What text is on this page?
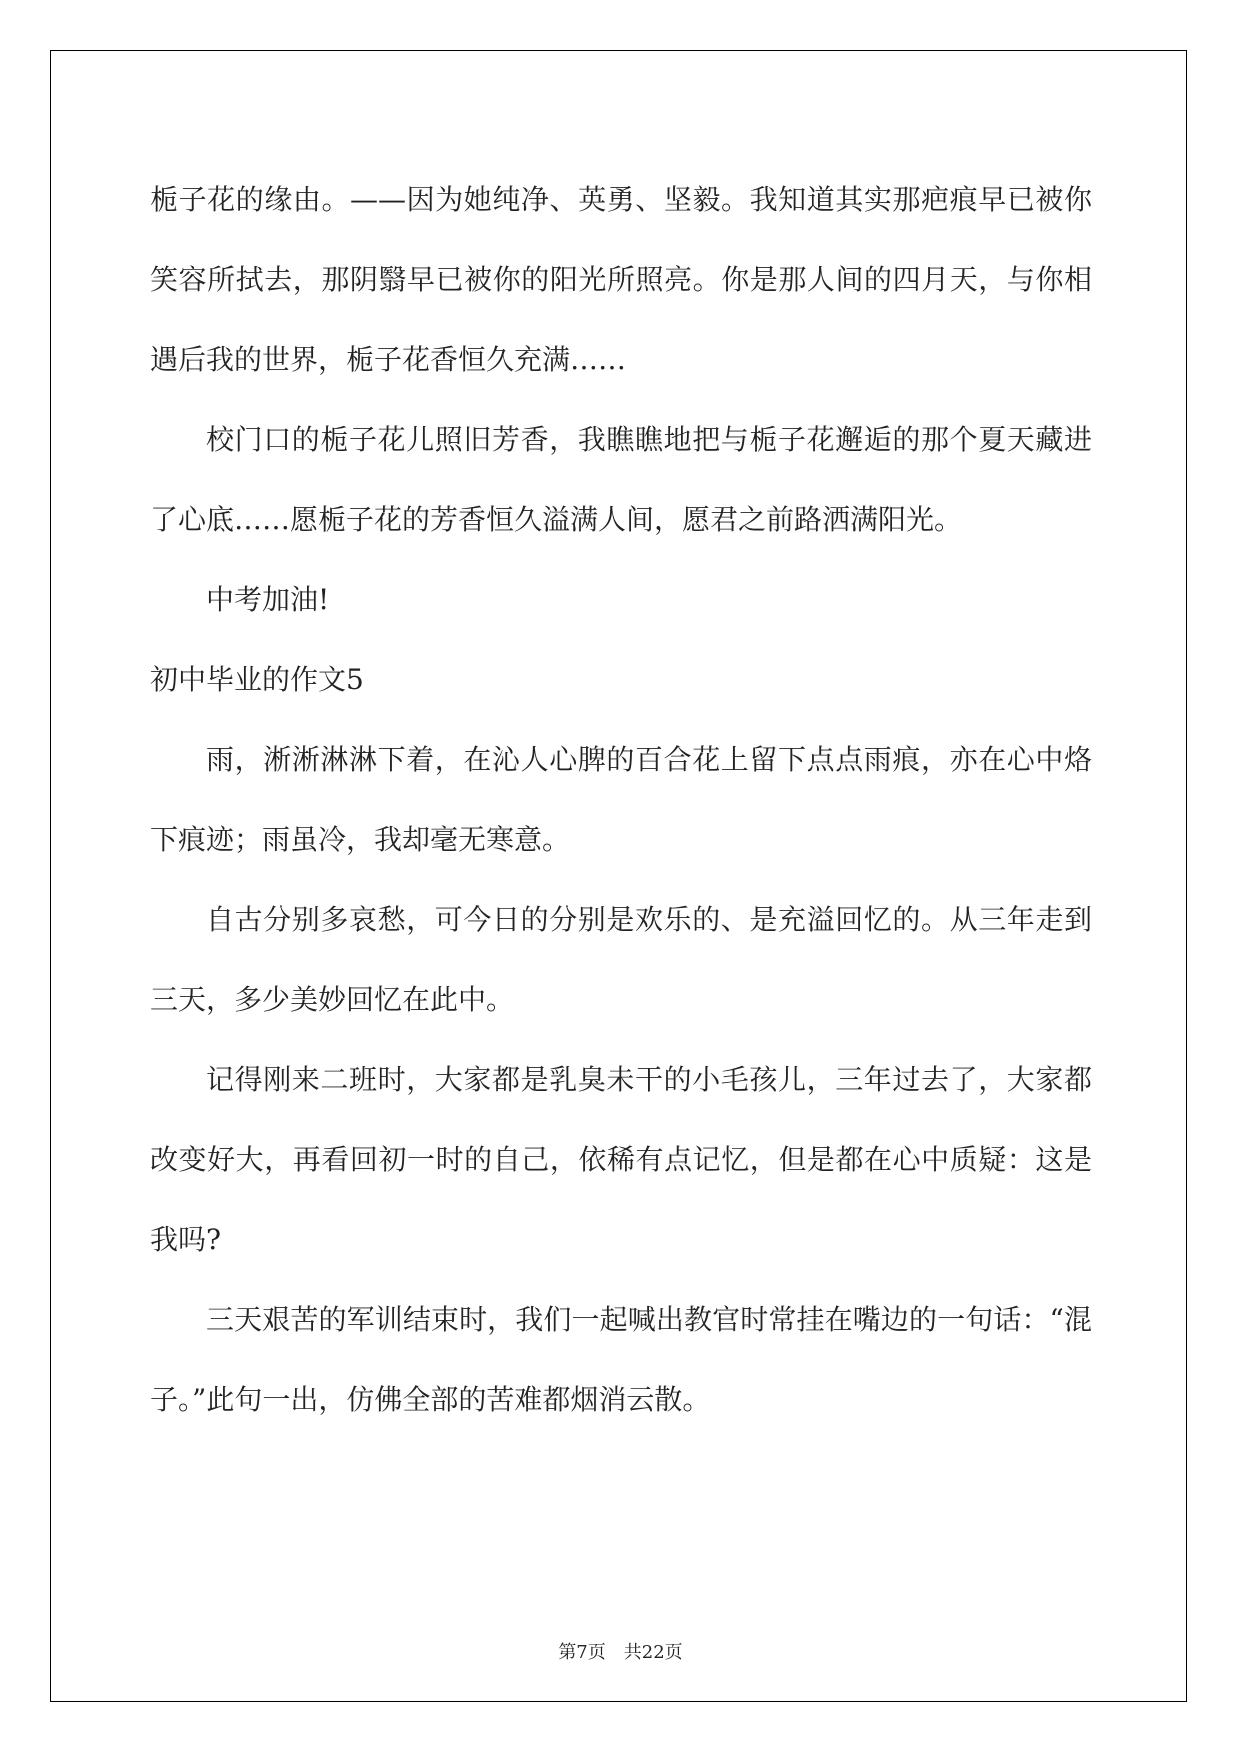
栀子花的缘由。——因为她纯净、英勇、坚毅。我知道其实那疤痕早已被你笑容所拭去，那阴翳早已被你的阳光所照亮。你是那人间的四月天，与你相遇后我的世界，栀子花香恒久充满……

校门口的栀子花儿照旧芳香，我瞧瞧地把与栀子花邂逅的那个夏天藏进了心底……愿栀子花的芳香恒久溢满人间，愿君之前路洒满阳光。

中考加油!

初中毕业的作文5

雨，淅淅淋淋下着，在沁人心脾的百合花上留下点点雨痕，亦在心中烙下痕迹；雨虽冷，我却毫无寒意。

自古分别多哀愁，可今日的分别是欢乐的、是充溢回忆的。从三年走到三天，多少美妙回忆在此中。

记得刚来二班时，大家都是乳臭未干的小毛孩儿，三年过去了，大家都改变好大，再看回初一时的自己，依稀有点记忆，但是都在心中质疑：这是我吗?

三天艰苦的军训结束时，我们一起喊出教官时常挂在嘴边的一句话：“混子。”此句一出，仿佛全部的苦难都烟消云散。

第7页　共22页
